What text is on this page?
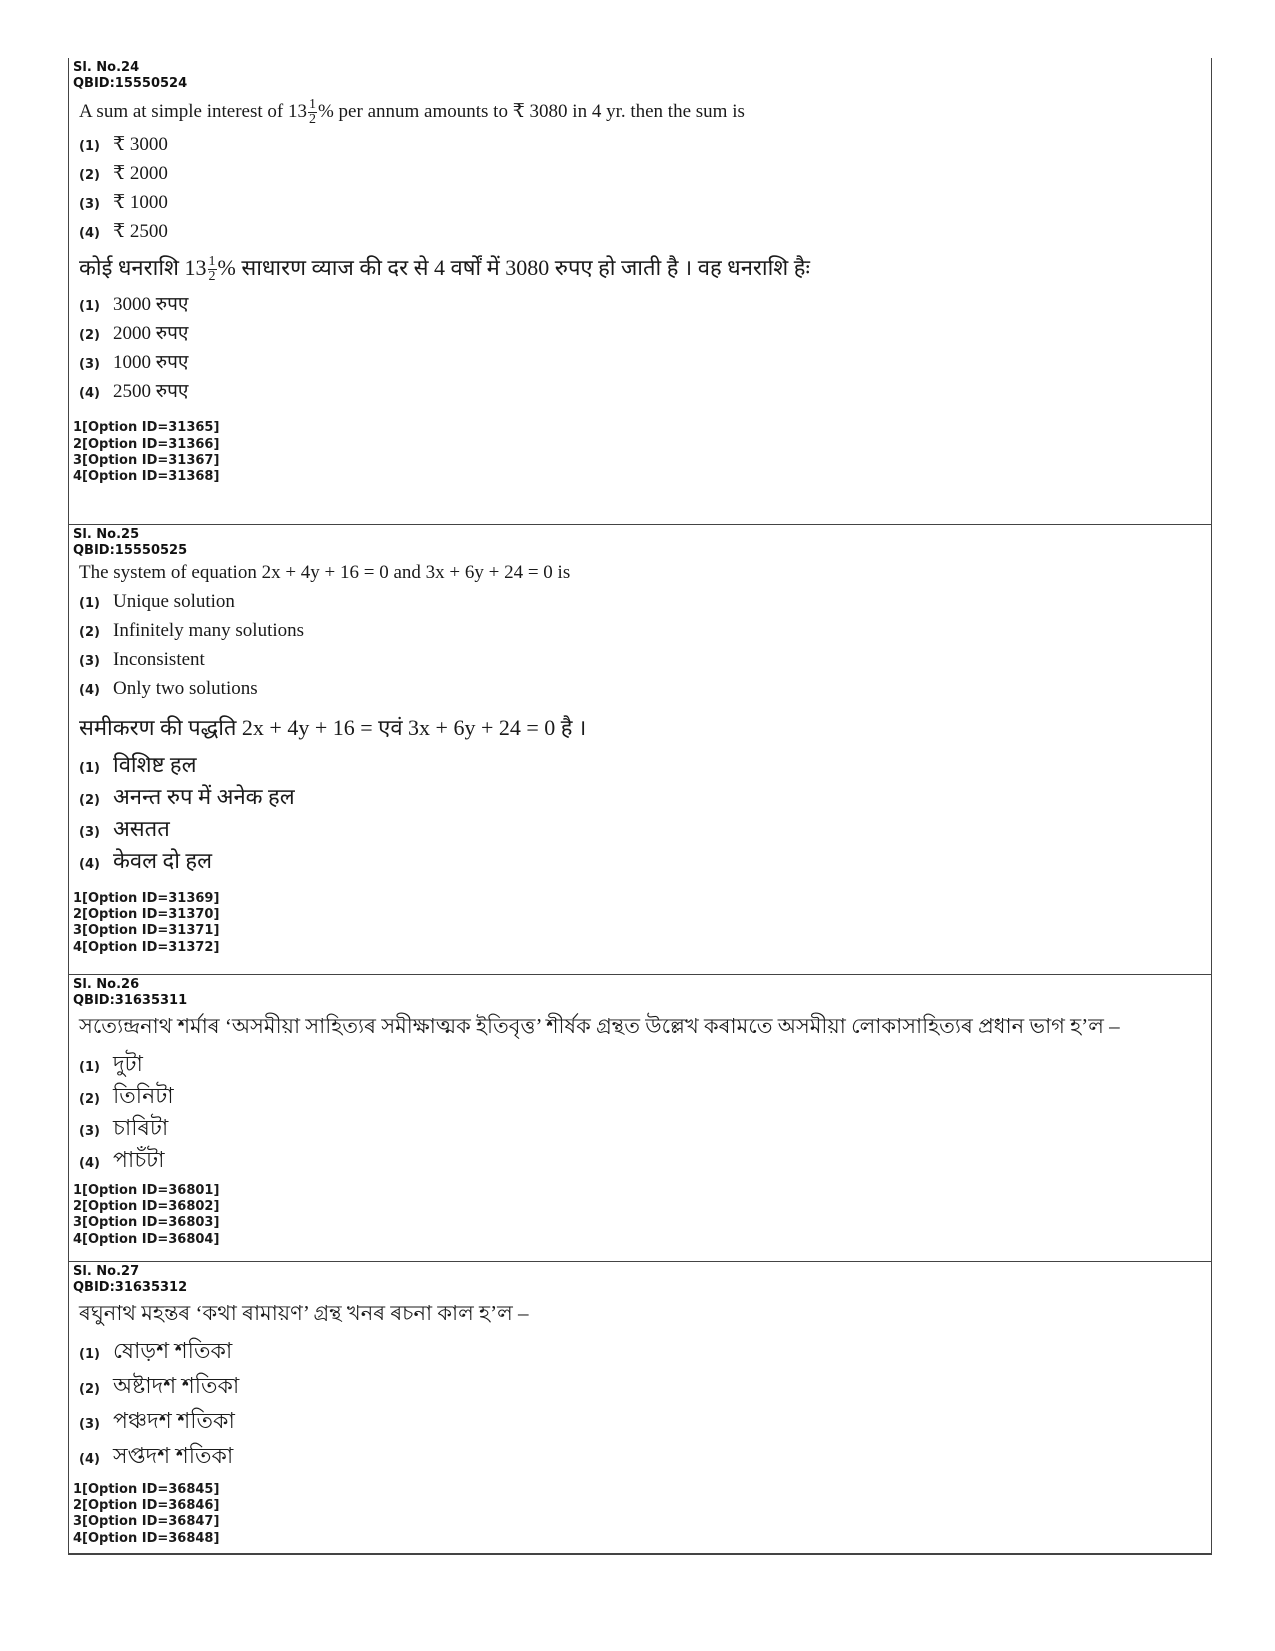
Sl. No.24
QBID:15550524
A sum at simple interest of $13 \frac{1}{2}$ % per annum amounts to ₹ 3080 in 4 yr. then the sum is
(1) ₹ 3000
(2) ₹ 2000
(3) ₹ 1000
(4) ₹ 2500
कोई धनराशि $13 \frac{1}{2}$ % साधारण व्याज की दर से 4 वर्षों में 3080 रुपए हो जाती है । वह धनराशि हैः
(1) 3000 रुपए
(2) 2000 रुपए
(3) 1000 रुपए
(4) 2500 रुपए
1[Option ID=31365]
2[Option ID=31366]
3[Option ID=31367]
4[Option ID=31368]
Sl. No.25
QBID:15550525
The system of equation 2x + 4y + 16 = 0 and 3x + 6y + 24 = 0 is
(1) Unique solution
(2) Infinitely many solutions
(3) Inconsistent
(4) Only two solutions
समीकरण की पद्धति 2x + 4y + 16 = एवं 3x + 6y + 24 = 0 है ।
(1) विशिष्ट हल
(2) अनन्त रुप में अनेक हल
(3) असतत
(4) केवल दो हल
1[Option ID=31369]
2[Option ID=31370]
3[Option ID=31371]
4[Option ID=31372]
Sl. No.26
QBID:31635311
সত্যেন্দ্ৰনাথ শৰ্মাৰ ‘অসমীয়া সাহিত্যৰ সমীক্ষাত্মক ইতিবৃত্ত’ শীৰ্ষক গ্ৰন্থত উল্লেখ কৰামতে অসমীয়া লোকাসাহিত্যৰ প্ৰধান ভাগ হ’ল –
(1) দুটা
(2) তিনিটা
(3) চাৰিটা
(4) পাচঁটা
1[Option ID=36801]
2[Option ID=36802]
3[Option ID=36803]
4[Option ID=36804]
Sl. No.27
QBID:31635312
ৰঘুনাথ মহন্তৰ ‘কথা ৰামায়ণ’ গ্ৰন্থ খনৰ ৰচনা কাল হ’ল –
(1) ষোড়শ শতিকা
(2) অষ্টাদশ শতিকা
(3) পঞ্চদশ শতিকা
(4) সপ্তদশ শতিকা
1[Option ID=36845]
2[Option ID=36846]
3[Option ID=36847]
4[Option ID=36848]
